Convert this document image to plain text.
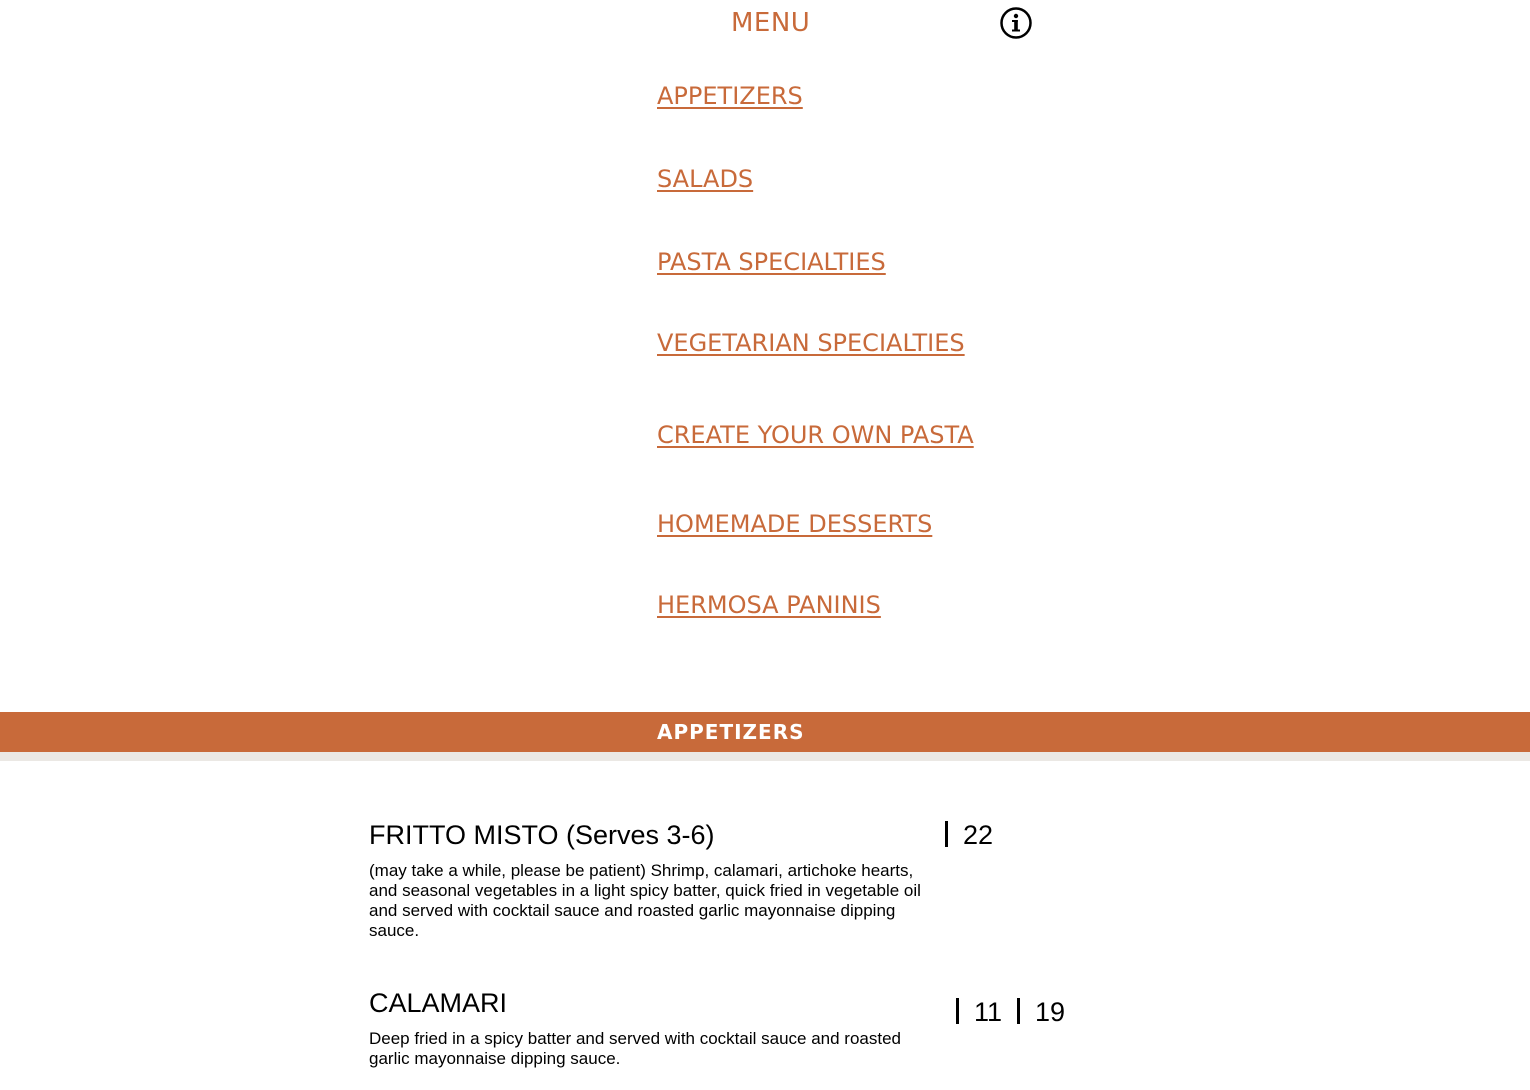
MENU
APPETIZERS
SALADS
PASTA SPECIALTIES
VEGETARIAN SPECIALTIES
CREATE YOUR OWN PASTA
HOMEMADE DESSERTS
HERMOSA PANINIS
APPETIZERS
FRITTO MISTO (Serves 3-6)	22
(may take a while, please be patient) Shrimp, calamari, artichoke hearts, and seasonal vegetables in a light spicy batter, quick fried in vegetable oil and served with cocktail sauce and roasted garlic mayonnaise dipping sauce.
CALAMARI	11 19
Deep fried in a spicy batter and served with cocktail sauce and roasted garlic mayonnaise dipping sauce.
